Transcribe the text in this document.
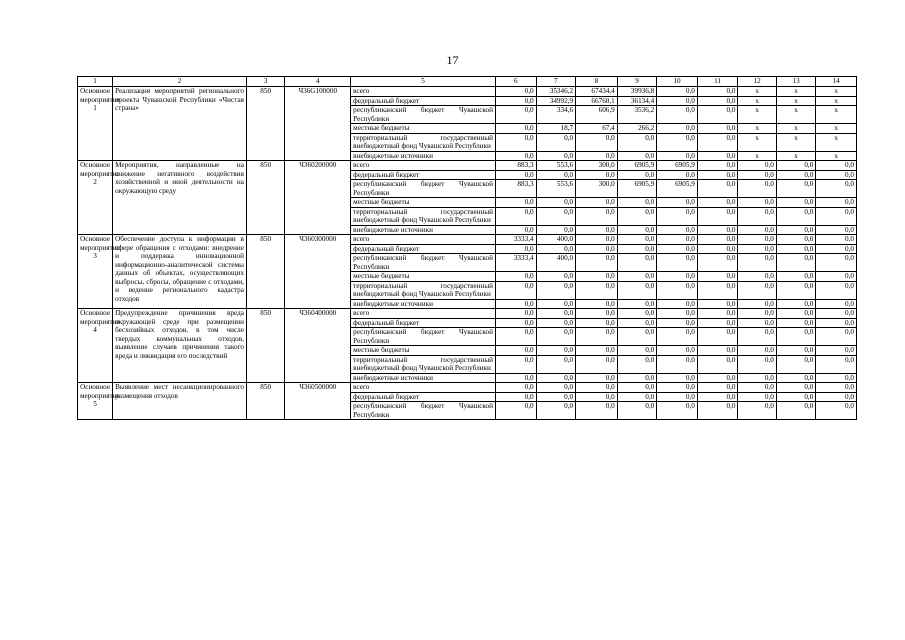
17
1	2	3	4	5	6	7	8	9	10	11	12	13	14
Основное мероприятие 1	Реализация мероприятий регионального проекта Чувашской Республики «Чистая страна»	850	Ч36G100000	всего	0,0	35346,2	67434,4	39936,8	0,0	0,0	x	x	x
				федеральный бюджет	0,0	34992,9	66760,1	36134,4	0,0	0,0	x	x	x
				республиканский бюджет Чувашской Республики	0,0	334,6	606,9	3536,2	0,0	0,0	x	x	x
				местные бюджеты	0,0	18,7	67,4	266,2	0,0	0,0	x	x	x
				территориальный государственный внебюджетный фонд Чувашской Республики	0,0	0,0	0,0	0,0	0,0	0,0	x	x	x
				внебюджетные источники	0,0	0,0	0,0	0,0	0,0	0,0	x	x	x
Основное мероприятие 2	Мероприятия, направленные на снижение негативного воздействия хозяйственной и иной деятельности на окружающую среду	850	Ч360200000	всего	883,3	553,6	300,0	6905,9	6905,9	0,0	0,0	0,0	0,0
				федеральный бюджет	0,0	0,0	0,0	0,0	0,0	0,0	0,0	0,0	0,0
				республиканский бюджет Чувашской Республики	883,3	553,6	300,0	6905,9	6905,9	0,0	0,0	0,0	0,0
				местные бюджеты	0,0	0,0	0,0	0,0	0,0	0,0	0,0	0,0	0,0
				территориальный государственный внебюджетный фонд Чувашской Республики	0,0	0,0	0,0	0,0	0,0	0,0	0,0	0,0	0,0
				внебюджетные источники	0,0	0,0	0,0	0,0	0,0	0,0	0,0	0,0	0,0
Основное мероприятие 3	Обеспечение доступа к информации в сфере обращения с отходами: внедрение и поддержка инновационной информационно-аналитической системы данных об объектах, осуществляющих выбросы, сбросы, обращение с отходами, и ведение регионального кадастра отходов	850	Ч360300000	всего	3333,4	400,0	0,0	0,0	0,0	0,0	0,0	0,0	0,0
				федеральный бюджет	0,0	0,0	0,0	0,0	0,0	0,0	0,0	0,0	0,0
				республиканский бюджет Чувашской Республики	3333,4	400,0	0,0	0,0	0,0	0,0	0,0	0,0	0,0
				местные бюджеты	0,0	0,0	0,0	0,0	0,0	0,0	0,0	0,0	0,0
				территориальный государственный внебюджетный фонд Чувашской Республики	0,0	0,0	0,0	0,0	0,0	0,0	0,0	0,0	0,0
				внебюджетные источники	0,0	0,0	0,0	0,0	0,0	0,0	0,0	0,0	0,0
Основное мероприятие 4	Предупреждение причинения вреда окружающей среде при размещении бесхозяйных отходов, в том числе твердых коммунальных отходов, выявление случаев причинения такого вреда и ликвидация его последствий	850	Ч360400000	всего	0,0	0,0	0,0	0,0	0,0	0,0	0,0	0,0	0,0
				федеральный бюджет	0,0	0,0	0,0	0,0	0,0	0,0	0,0	0,0	0,0
				республиканский бюджет Чувашской Республики	0,0	0,0	0,0	0,0	0,0	0,0	0,0	0,0	0,0
				местные бюджеты	0,0	0,0	0,0	0,0	0,0	0,0	0,0	0,0	0,0
				территориальный государственный внебюджетный фонд Чувашской Республики	0,0	0,0	0,0	0,0	0,0	0,0	0,0	0,0	0,0
				внебюджетные источники	0,0	0,0	0,0	0,0	0,0	0,0	0,0	0,0	0,0
Основное мероприятие 5	Выявление мест несанкционированного размещения отходов	850	Ч360500000	всего	0,0	0,0	0,0	0,0	0,0	0,0	0,0	0,0	0,0
				федеральный бюджет	0,0	0,0	0,0	0,0	0,0	0,0	0,0	0,0	0,0
				республиканский бюджет Чувашской Республики	0,0	0,0	0,0	0,0	0,0	0,0	0,0	0,0	0,0
